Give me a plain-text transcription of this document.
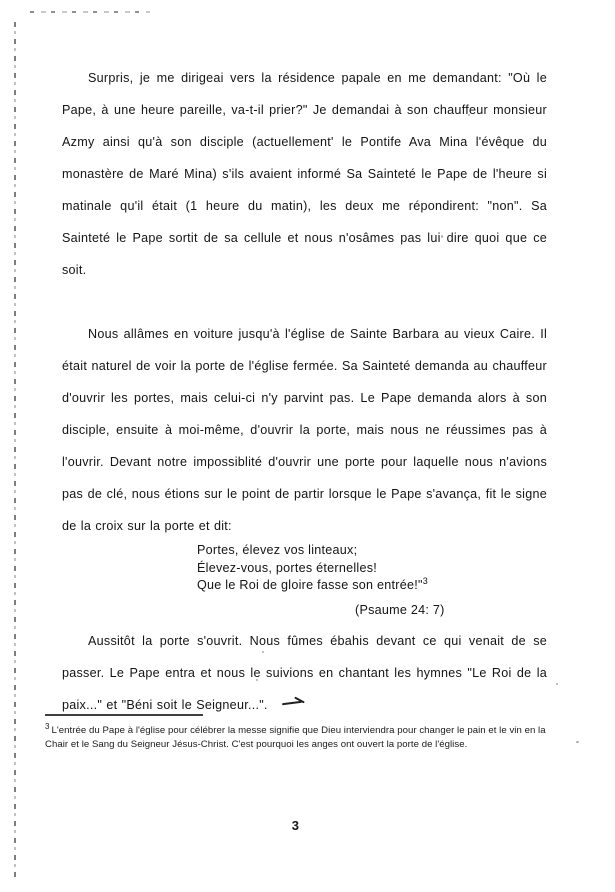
Surpris, je me dirigeai vers la résidence papale en me demandant: "Où le Pape, à une heure pareille, va-t-il prier?" Je demandai à son chauffeur monsieur Azmy ainsi qu'à son disciple (actuellement' le Pontife Ava Mina l'évêque du monastère de Maré Mina) s'ils avaient informé Sa Sainteté le Pape de l'heure si matinale qu'il était (1 heure du matin), les deux me répondirent: "non". Sa Sainteté le Pape sortit de sa cellule et nous n'osâmes pas lui dire quoi que ce soit.

Nous allâmes en voiture jusqu'à l'église de Sainte Barbara au vieux Caire. Il était naturel de voir la porte de l'église fermée. Sa Sainteté demanda au chauffeur d'ouvrir les portes, mais celui-ci n'y parvint pas. Le Pape demanda alors à son disciple, ensuite à moi-même, d'ouvrir la porte, mais nous ne réussimes pas à l'ouvrir. Devant notre impossiblité d'ouvrir une porte pour laquelle nous n'avions pas de clé, nous étions sur le point de partir lorsque le Pape s'avança, fit le signe de la croix sur la porte et dit:

Portes, élevez vos linteaux;
Élevez-vous, portes éternelles!
Que le Roi de gloire fasse son entrée!"$^3$

(Psaume 24: 7)

Aussitôt la porte s'ouvrit. Nous fûmes ébahis devant ce qui venait de se passer. Le Pape entra et nous le suivions en chantant les hymnes "Le Roi de la paix..." et "Béni soit le Seigneur...".

$^3$ L'entrée du Pape à l'église pour célébrer la messe signifie que Dieu interviendra pour changer le pain et le vin en la Chair et le Sang du Seigneur Jésus-Christ. C'est pourquoi les anges ont ouvert la porte de l'église.

3
